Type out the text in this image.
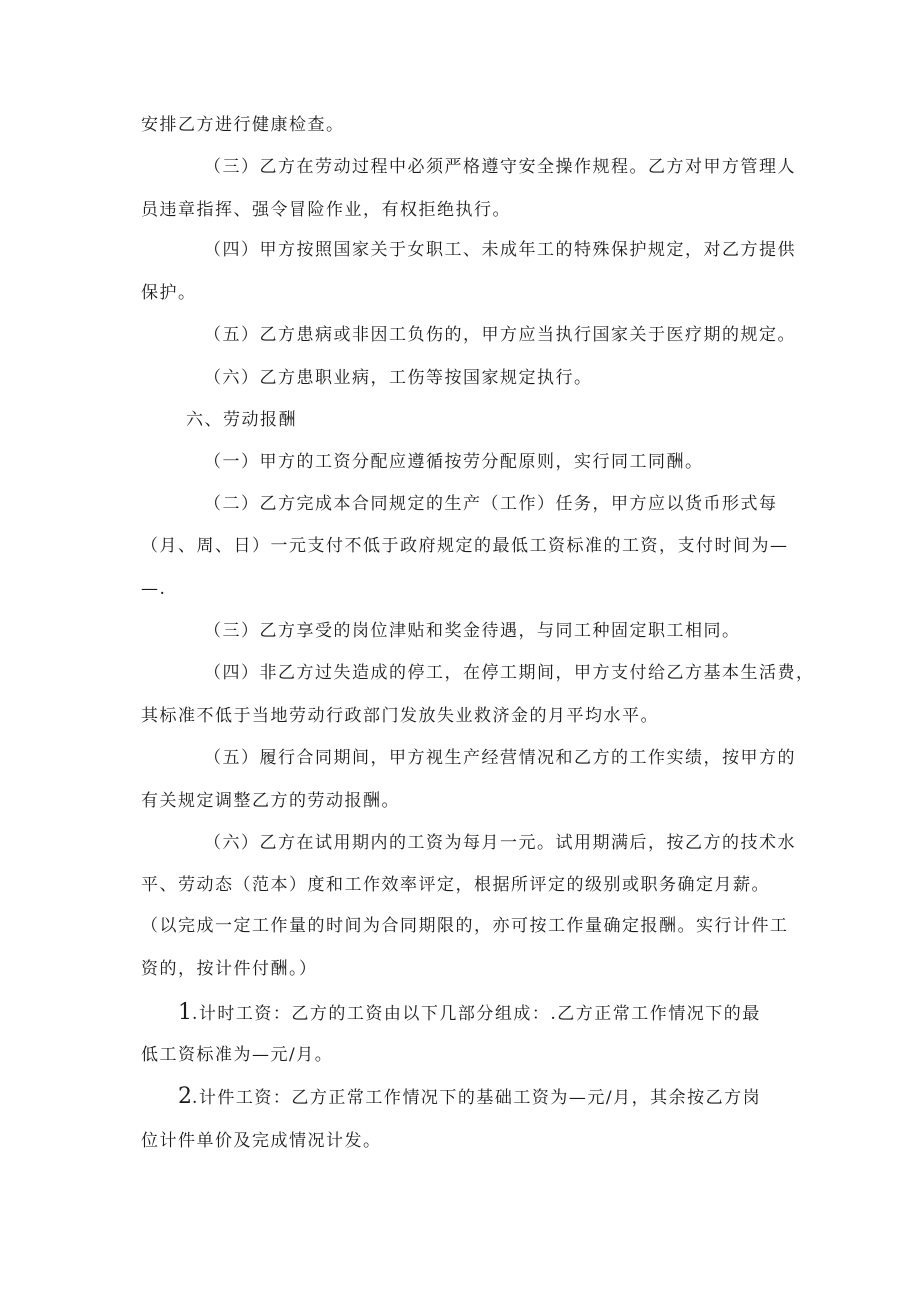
安排乙方进行健康检查。
（三）乙方在劳动过程中必须严格遵守安全操作规程。乙方对甲方管理人
员违章指挥、强令冒险作业，有权拒绝执行。
（四）甲方按照国家关于女职工、未成年工的特殊保护规定，对乙方提供
保护。
（五）乙方患病或非因工负伤的，甲方应当执行国家关于医疗期的规定。
（六）乙方患职业病，工伤等按国家规定执行。
六、劳动报酬
（一）甲方的工资分配应遵循按劳分配原则，实行同工同酬。
（二）乙方完成本合同规定的生产（工作）任务，甲方应以货币形式每
（月、周、日）一元支付不低于政府规定的最低工资标准的工资，支付时间为—
—.
（三）乙方享受的岗位津贴和奖金待遇，与同工种固定职工相同。
（四）非乙方过失造成的停工，在停工期间，甲方支付给乙方基本生活费，
其标准不低于当地劳动行政部门发放失业救济金的月平均水平。
（五）履行合同期间，甲方视生产经营情况和乙方的工作实绩，按甲方的
有关规定调整乙方的劳动报酬。
（六）乙方在试用期内的工资为每月一元。试用期满后，按乙方的技术水
平、劳动态（范本）度和工作效率评定，根据所评定的级别或职务确定月薪。
（以完成一定工作量的时间为合同期限的，亦可按工作量确定报酬。实行计件工
资的，按计件付酬。）
1.计时工资：乙方的工资由以下几部分组成：.乙方正常工作情况下的最
低工资标准为—元/月。
2.计件工资：乙方正常工作情况下的基础工资为—元/月，其余按乙方岗
位计件单价及完成情况计发。
